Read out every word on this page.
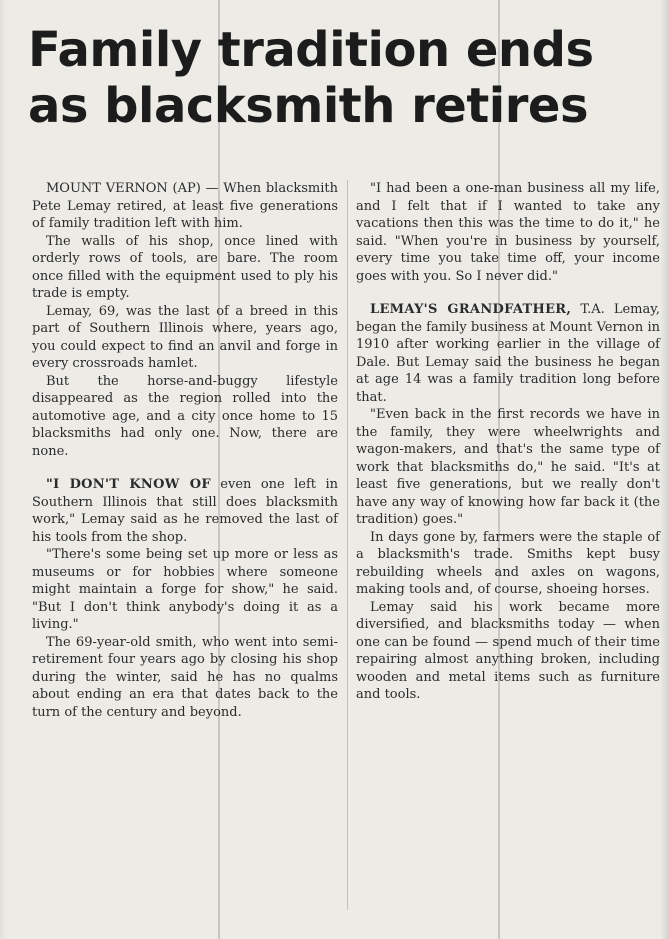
Family tradition ends
as blacksmith retires

MOUNT VERNON (AP) — When blacksmith Pete Lemay retired, at least five generations of family tradition left with him.

The walls of his shop, once lined with orderly rows of tools, are bare. The room once filled with the equipment used to ply his trade is empty.

Lemay, 69, was the last of a breed in this part of Southern Illinois where, years ago, you could expect to find an anvil and forge in every crossroads hamlet.

But the horse-and-buggy lifestyle disappeared as the region rolled into the automotive age, and a city once home to 15 blacksmiths had only one. Now, there are none.

"I DON'T KNOW OF even one left in Southern Illinois that still does blacksmith work," Lemay said as he removed the last of his tools from the shop.

"There's some being set up more or less as museums or for hobbies where someone might maintain a forge for show," he said. "But I don't think anybody's doing it as a living."

The 69-year-old smith, who went into semi-retirement four years ago by closing his shop during the winter, said he has no qualms about ending an era that dates back to the turn of the century and beyond.

"I had been a one-man business all my life, and I felt that if I wanted to take any vacations then this was the time to do it," he said. "When you're in business by yourself, every time you take time off, your income goes with you. So I never did."

LEMAY'S GRANDFATHER, T.A. Lemay, began the family business at Mount Vernon in 1910 after working earlier in the village of Dale. But Lemay said the business he began at age 14 was a family tradition long before that.

"Even back in the first records we have in the family, they were wheelwrights and wagon-makers, and that's the same type of work that blacksmiths do," he said. "It's at least five generations, but we really don't have any way of knowing how far back it (the tradition) goes."

In days gone by, farmers were the staple of a blacksmith's trade. Smiths kept busy rebuilding wheels and axles on wagons, making tools and, of course, shoeing horses.

Lemay said his work became more diversified, and blacksmiths today — when one can be found — spend much of their time repairing almost anything broken, including wooden and metal items such as furniture and tools.
